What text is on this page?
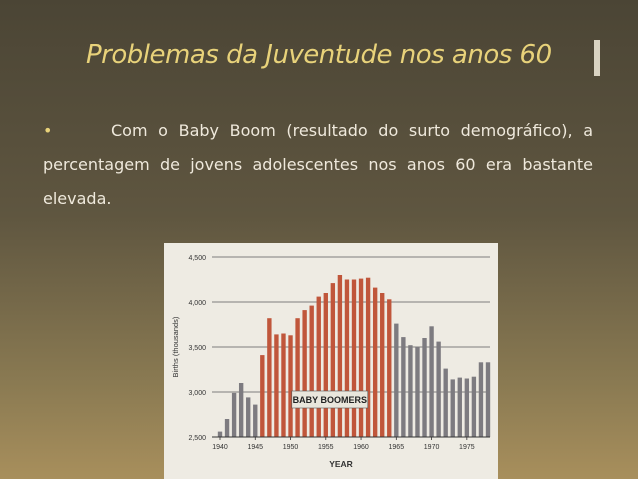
Problemas da Juventude nos anos 60
•	Com o Baby Boom (resultado do surto demográfico), a percentagem de jovens adolescentes nos anos 60 era bastante elevada.
2,500
3,000
3,500
4,000
4,500
Births (thousands)
1940	1945	1950	1955	1960	1965	1970	1975
YEAR
BABY BOOMERS
